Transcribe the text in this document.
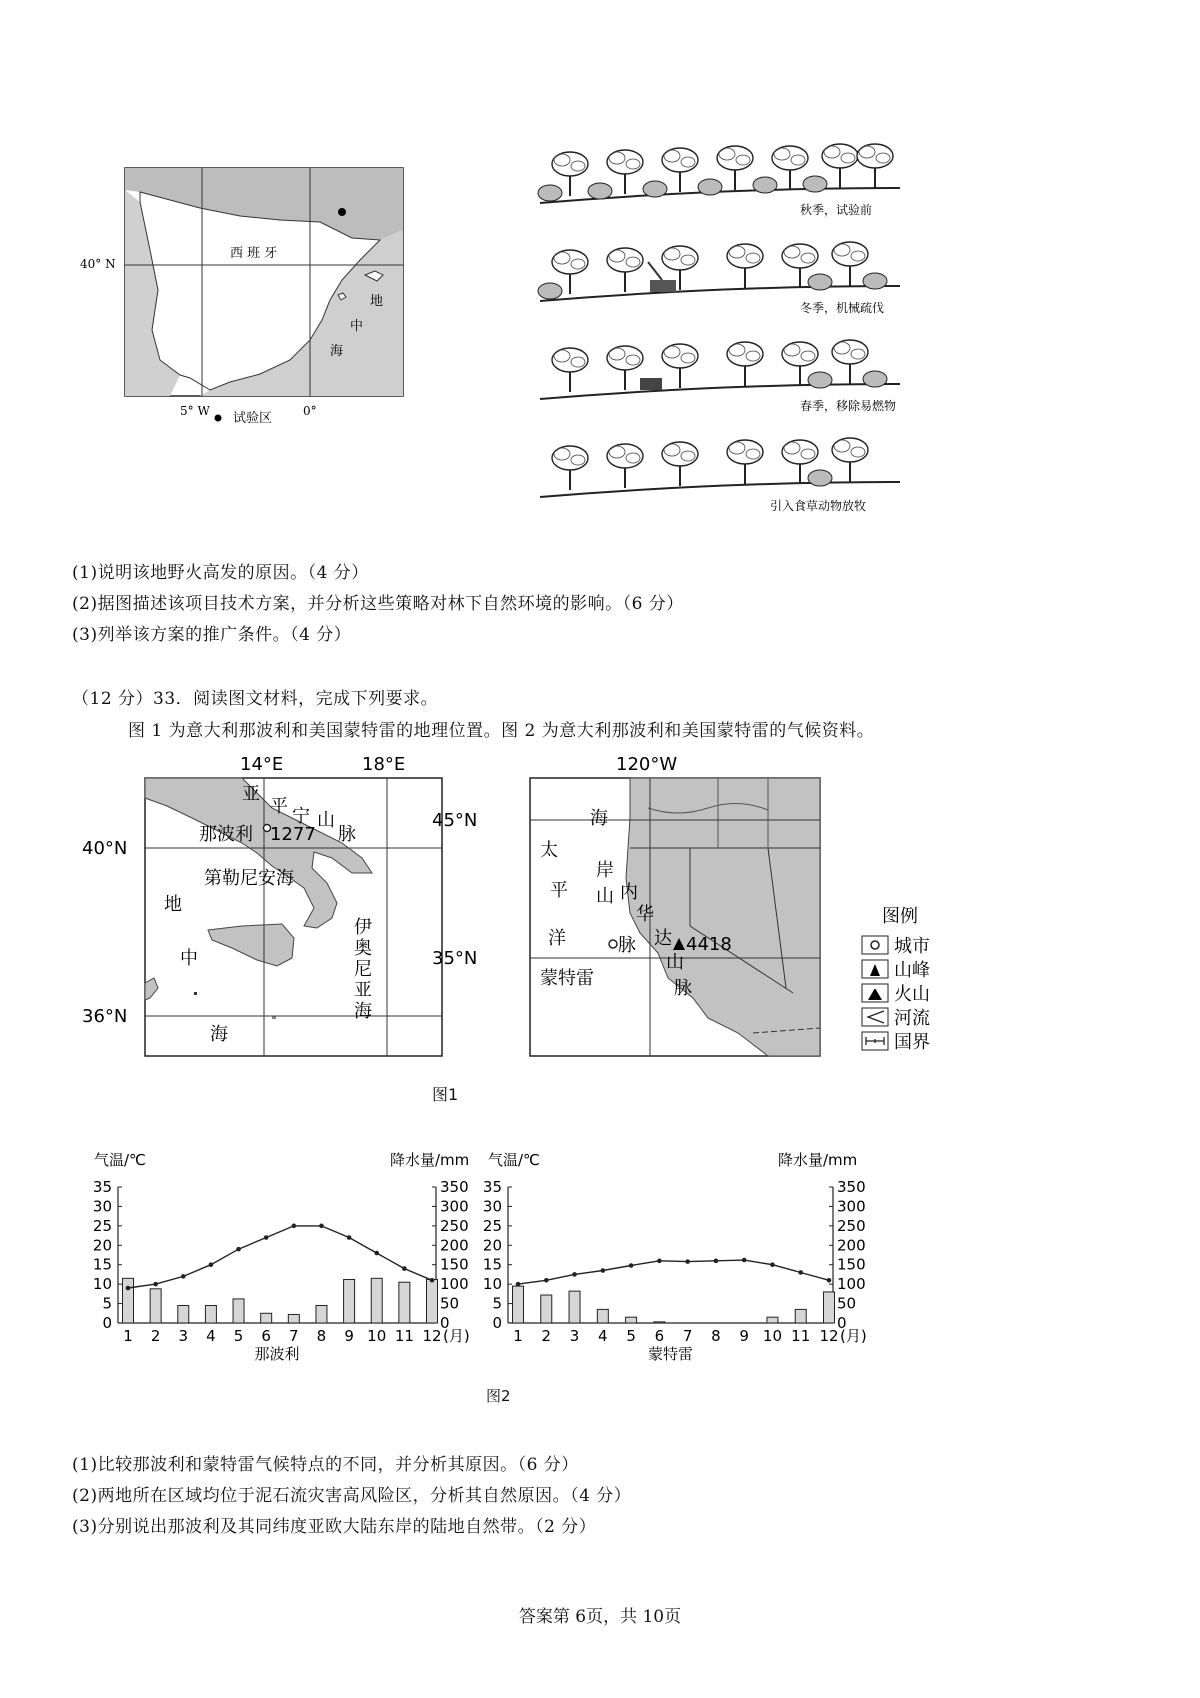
西 班 牙
地
中
海
40° N
5° W	0°
试验区
秋季，试验前
冬季，机械疏伐
春季，移除易燃物
引入食草动物放牧
(1)说明该地野火高发的原因。（4 分）
(2)据图描述该项目技术方案，并分析这些策略对林下自然环境的影响。（6 分）
(3)列举该方案的推广条件。（4 分）
（12 分）33．阅读图文材料，完成下列要求。
图 1 为意大利那波利和美国蒙特雷的地理位置。图 2 为意大利那波利和美国蒙特雷的气候资料。
14°E	18°E
40°N
36°N
亚
平 宁 山
脉
那波利 1277
第勒尼安海
地
中
海
伊
奥
尼
亚
海
120°W
45°N
35°N
太
平
洋
海
岸
山
脉
内
华
达
山
脉
4418
蒙特雷
图例
城市
山峰
火山
河流
国界
图1
气温/℃	降水量/mm
0
5
10
15
20
25
30
35
0
50
100
150
200
250
300
350
1 2 3 4 5 6 7 8 9 10 11 12 (月)
那波利
气温/℃	降水量/mm
0
5
10
15
20
25
30
35
0
50
100
150
200
250
300
350
1 2 3 4 5 6 7 8 9 10 11 12 (月)
蒙特雷
图2
(1)比较那波利和蒙特雷气候特点的不同，并分析其原因。（6 分）
(2)两地所在区域均位于泥石流灾害高风险区，分析其自然原因。（4 分）
(3)分别说出那波利及其同纬度亚欧大陆东岸的陆地自然带。（2 分）
答案第 6页，共 10页
